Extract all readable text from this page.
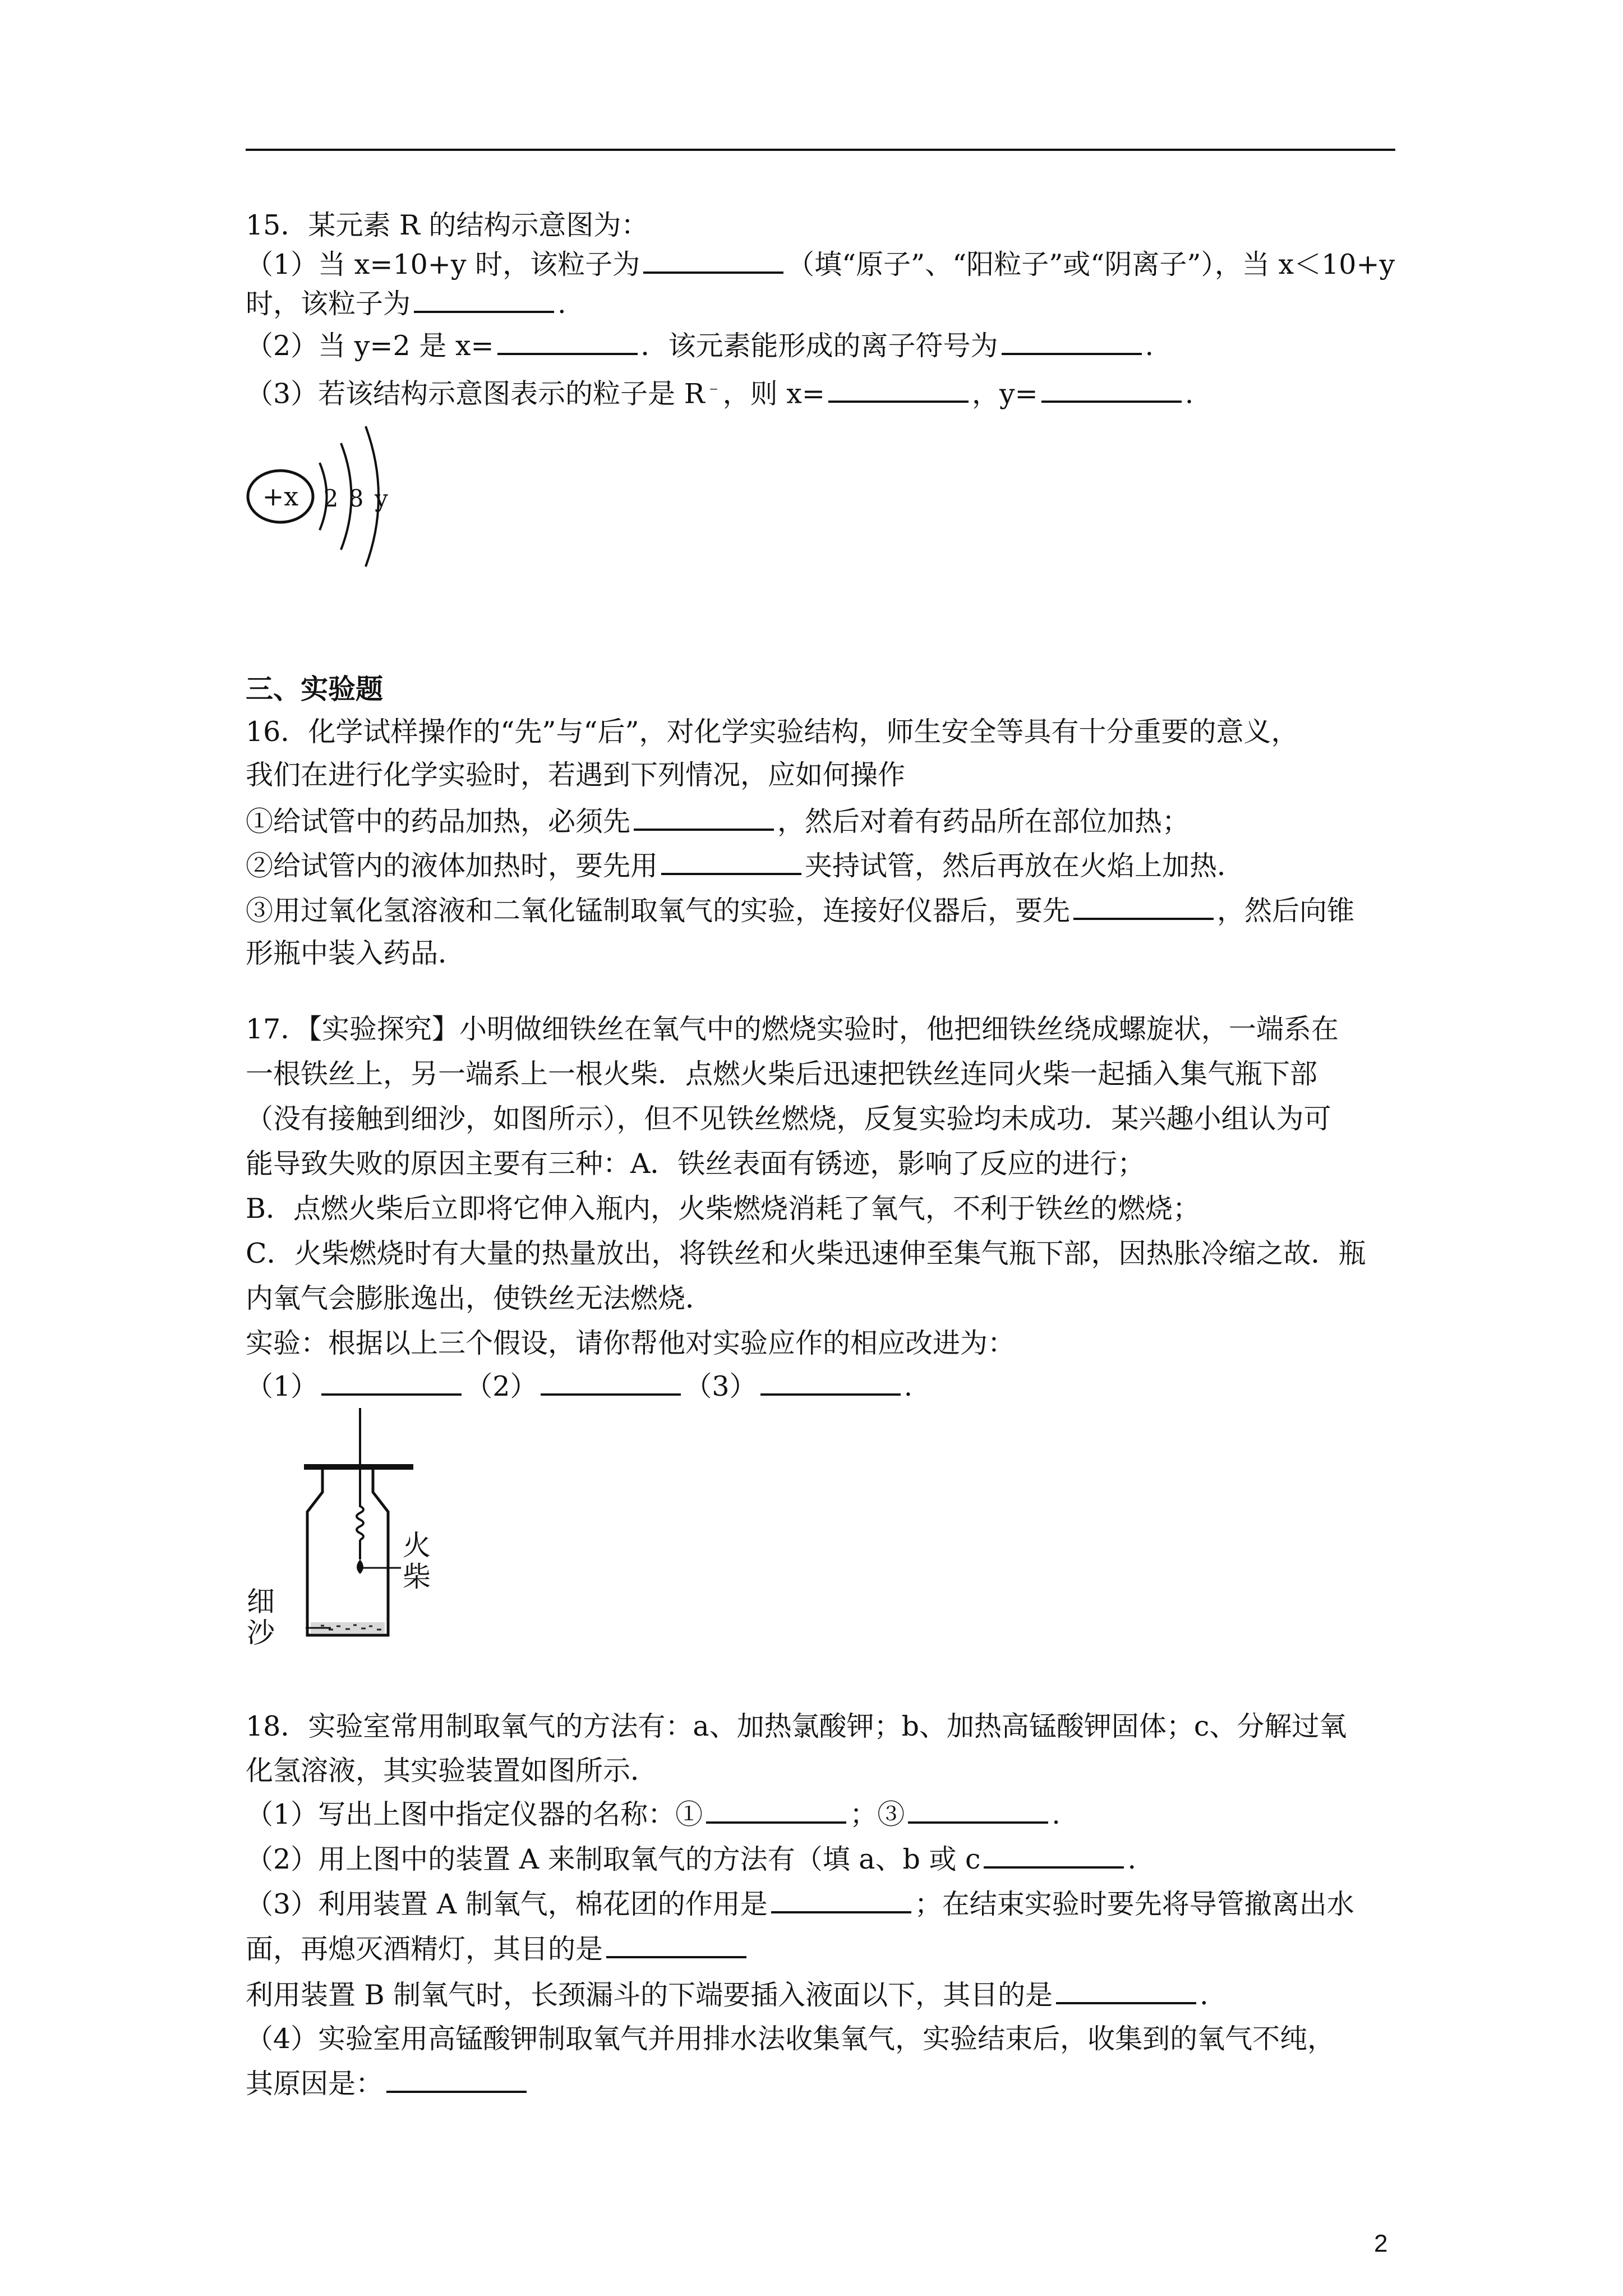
15．某元素 R 的结构示意图为：
（1）当 x=10+y 时，该粒子为	（填“原子”、“阳粒子”或“阴离子”），当 x＜10+y
时，该粒子为	.
（2）当 y=2 是 x=	．该元素能形成的离子符号为	.
（3）若该结构示意图表示的粒子是 R﹣，则 x=	，y=	.
+x 2 8 y
三、实验题
16．化学试样操作的“先”与“后”，对化学实验结构，师生安全等具有十分重要的意义，
我们在进行化学实验时，若遇到下列情况，应如何操作
①给试管中的药品加热，必须先	，然后对着有药品所在部位加热；
②给试管内的液体加热时，要先用	夹持试管，然后再放在火焰上加热．
③用过氧化氢溶液和二氧化锰制取氧气的实验，连接好仪器后，要先	，然后向锥
形瓶中装入药品．
17．【实验探究】小明做细铁丝在氧气中的燃烧实验时，他把细铁丝绕成螺旋状，一端系在
一根铁丝上，另一端系上一根火柴．点燃火柴后迅速把铁丝连同火柴一起插入集气瓶下部
（没有接触到细沙，如图所示），但不见铁丝燃烧，反复实验均未成功．某兴趣小组认为可
能导致失败的原因主要有三种：A．铁丝表面有锈迹，影响了反应的进行；
B．点燃火柴后立即将它伸入瓶内，火柴燃烧消耗了氧气，不利于铁丝的燃烧；
C．火柴燃烧时有大量的热量放出，将铁丝和火柴迅速伸至集气瓶下部，因热胀冷缩之故．瓶
内氧气会膨胀逸出，使铁丝无法燃烧．
实验：根据以上三个假设，请你帮他对实验应作的相应改进为：
（1）	（2）	（3）	.
火
柴
细
沙
18．实验室常用制取氧气的方法有：a、加热氯酸钾；b、加热高锰酸钾固体；c、分解过氧
化氢溶液，其实验装置如图所示．
（1）写出上图中指定仪器的名称：①	；③	.
（2）用上图中的装置 A 来制取氧气的方法有（填 a、b 或 c	.
（3）利用装置 A 制氧气，棉花团的作用是	；在结束实验时要先将导管撤离出水
面，再熄灭酒精灯，其目的是
利用装置 B 制氧气时，长颈漏斗的下端要插入液面以下，其目的是	.
（4）实验室用高锰酸钾制取氧气并用排水法收集氧气，实验结束后，收集到的氧气不纯，
其原因是：
2
